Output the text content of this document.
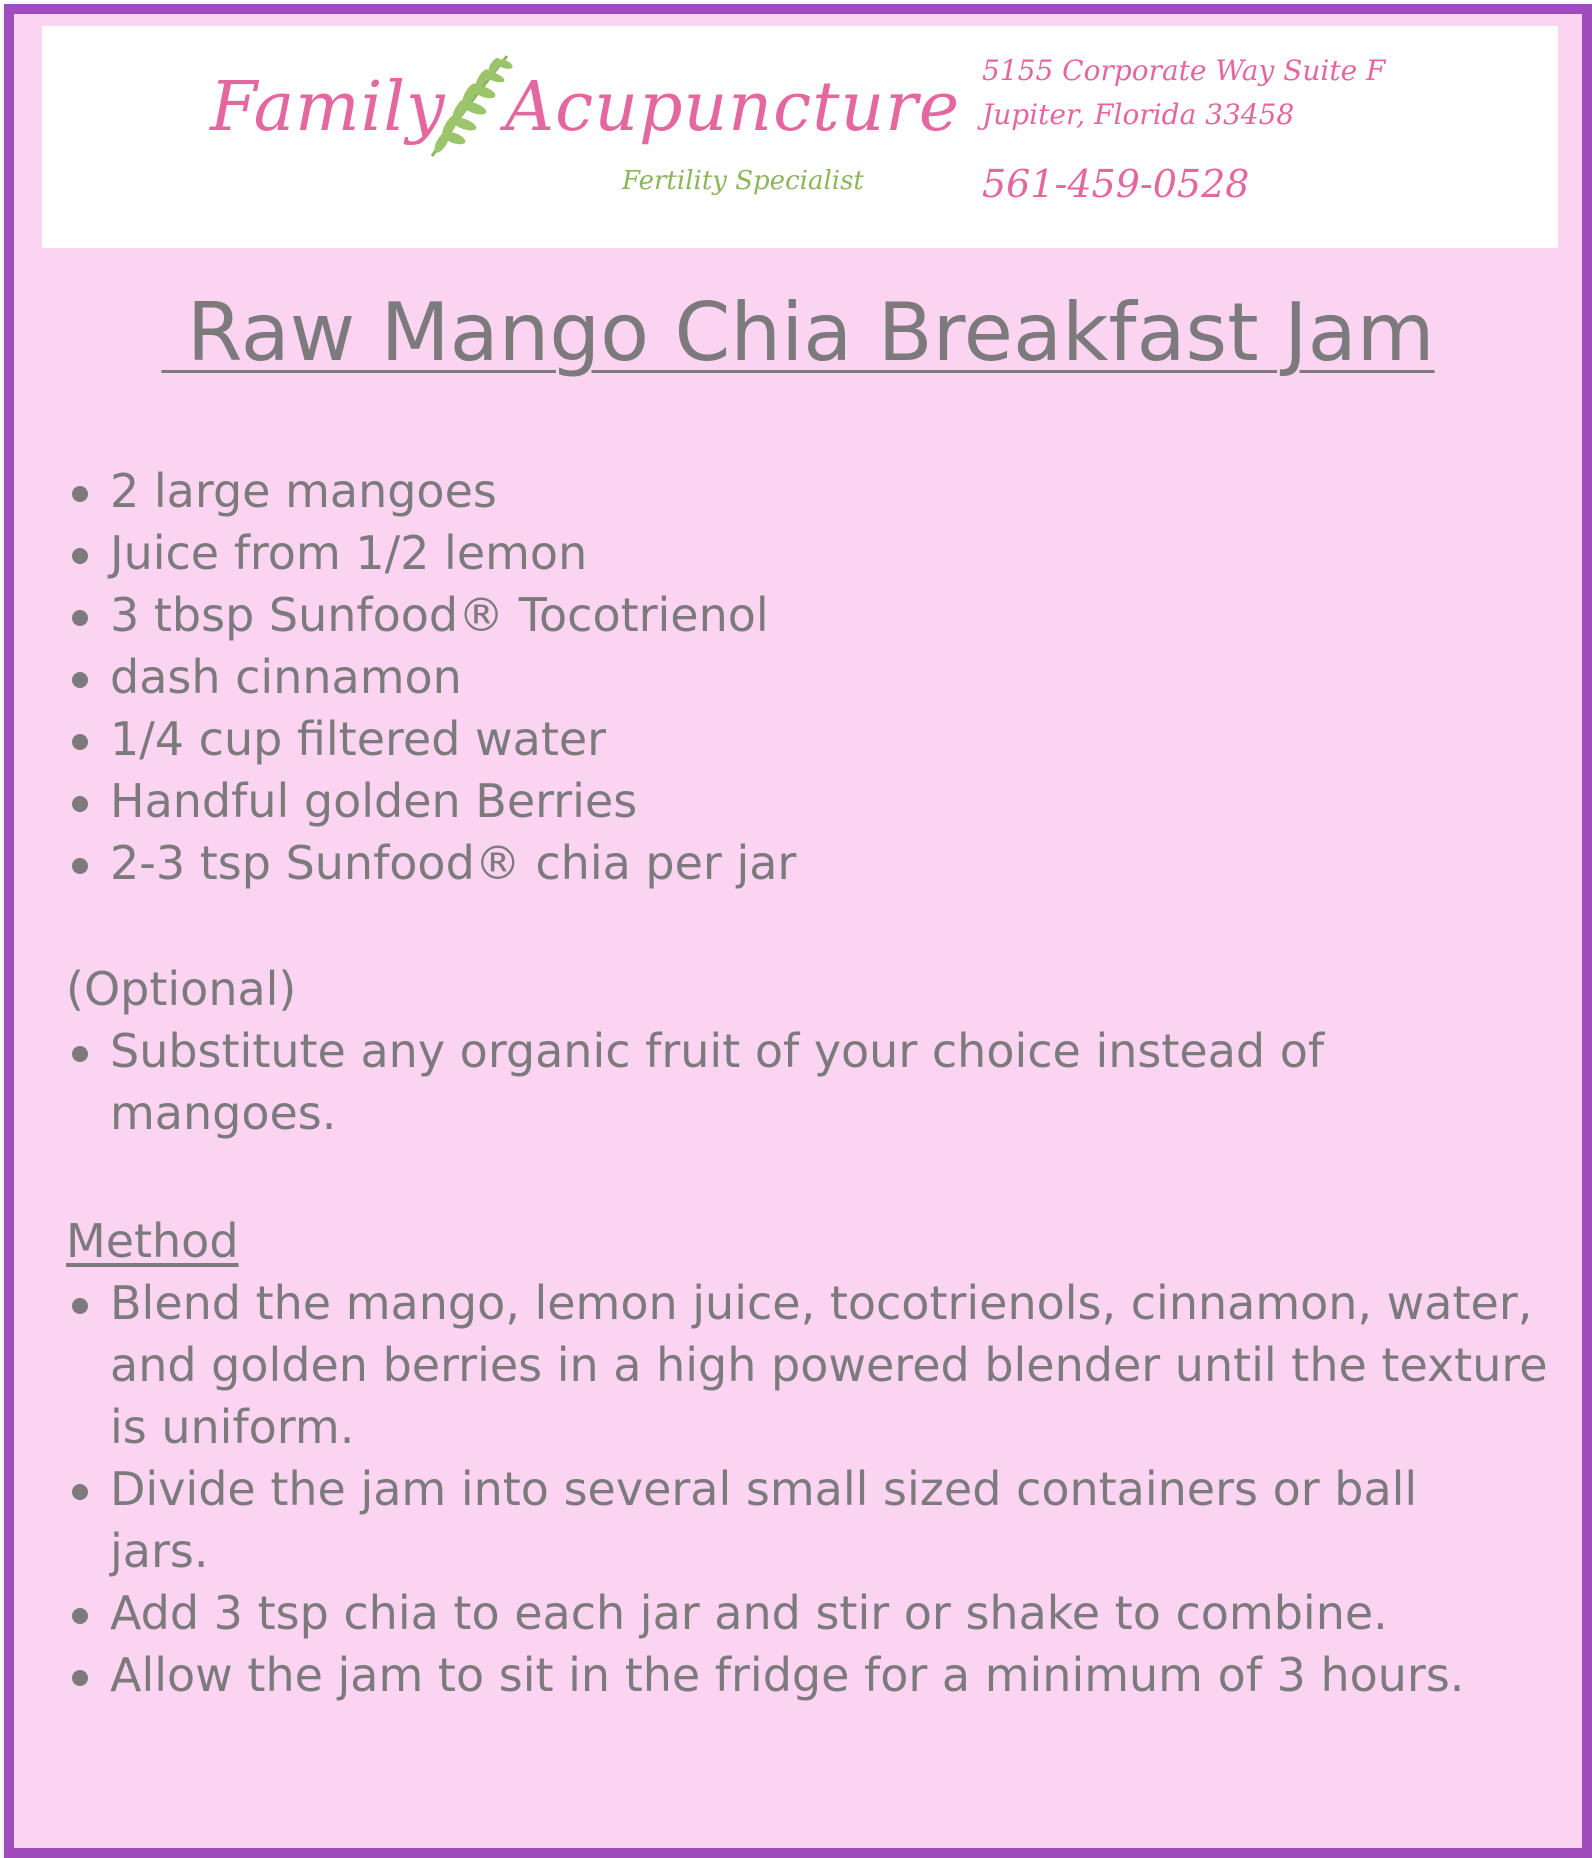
Family Acupuncture
Fertility Specialist
5155 Corporate Way Suite F
Jupiter, Florida 33458
561-459-0528
Raw Mango Chia Breakfast Jam
2 large mangoes
Juice from 1/2 lemon
3 tbsp Sunfood® Tocotrienol
dash cinnamon
1/4 cup filtered water
Handful golden Berries
2-3 tsp Sunfood® chia per jar
(Optional)
Substitute any organic fruit of your choice instead of mangoes.
Method
Blend the mango, lemon juice, tocotrienols, cinnamon, water, and golden berries in a high powered blender until the texture is uniform.
Divide the jam into several small sized containers or ball jars.
Add 3 tsp chia to each jar and stir or shake to combine.
Allow the jam to sit in the fridge for a minimum of 3 hours.
